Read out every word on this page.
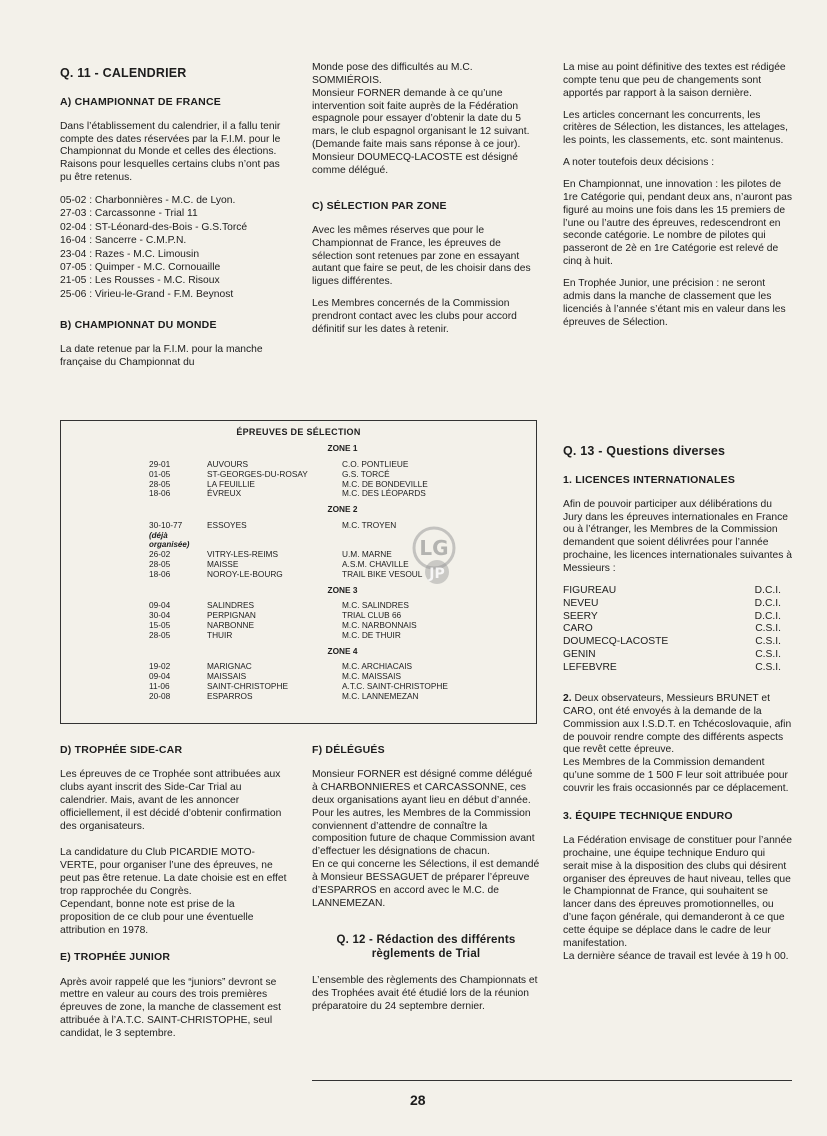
Q. 11 - CALENDRIER
A) CHAMPIONNAT DE FRANCE

Dans l’établissement du calendrier, il a fallu tenir compte des dates réservées par la F.I.M. pour le Championnat du Monde et celles des élections. Raisons pour lesquelles certains clubs n’ont pas pu être retenus.

05-02 : Charbonnières - M.C. de Lyon.
27-03 : Carcassonne - Trial 11
02-04 : ST-Léonard-des-Bois - G.S.Torcé
16-04 : Sancerre - C.M.P.N.
23-04 : Razes - M.C. Limousin
07-05 : Quimper - M.C. Cornouaille
21-05 : Les Rousses - M.C. Risoux
25-06 : Virieu-le-Grand - F.M. Beynost
B) CHAMPIONNAT DU MONDE

La date retenue par la F.I.M. pour la manche française du Championnat du

Monde pose des difficultés au M.C. SOMMIÉROIS.
Monsieur FORNER demande à ce qu’une intervention soit faite auprès de la Fédération espagnole pour essayer d’obtenir la date du 5 mars, le club espagnol organisant le 12 suivant.
(Demande faite mais sans réponse à ce jour).
Monsieur DOUMECQ-LACOSTE est désigné comme délégué.

C) SÉLECTION PAR ZONE

Avec les mêmes réserves que pour le Championnat de France, les épreuves de sélection sont retenues par zone en essayant autant que faire se peut, de les choisir dans des ligues différentes.

Les Membres concernés de la Commission prendront contact avec les clubs pour accord définitif sur les dates à retenir.

La mise au point définitive des textes est rédigée compte tenu que peu de changements sont apportés par rapport à la saison dernière.

Les articles concernant les concurrents, les critères de Sélection, les distances, les attelages, les points, les classements, etc. sont maintenus.

A noter toutefois deux décisions :

En Championnat, une innovation : les pilotes de 1re Catégorie qui, pendant deux ans, n’auront pas figuré au moins une fois dans les 15 premiers de l’une ou l’autre des épreuves, redescendront en seconde catégorie. Le nombre de pilotes qui passeront de 2è en 1re Catégorie est relevé de cinq à huit.

En Trophée Junior, une précision : ne seront admis dans la manche de classement que les licenciés à l’année s’étant mis en valeur dans les épreuves de Sélection.

ÉPREUVES DE SÉLECTION
ZONE 1
29-01	AUVOURS	C.O. PONTLIEUE
01-05	ST-GEORGES-DU-ROSAY	G.S. TORCÉ
28-05	LA FEUILLIE	M.C. DE BONDEVILLE
18-06	ÉVREUX	M.C. DES LÉOPARDS
ZONE 2
30-10-77	ESSOYES	M.C. TROYEN
(déjà organisée)
26-02	VITRY-LES-REIMS	U.M. MARNE
28-05	MAISSE	A.S.M. CHAVILLE
18-06	NOROY-LE-BOURG	TRAIL BIKE VESOUL
ZONE 3
09-04	SALINDRES	M.C. SALINDRES
30-04	PERPIGNAN	TRIAL CLUB 66
15-05	NARBONNE	M.C. NARBONNAIS
28-05	THUIR	M.C. DE THUIR
ZONE 4
19-02	MARIGNAC	M.C. ARCHIACAIS
09-04	MAISSAIS	M.C. MAISSAIS
11-06	SAINT-CHRISTOPHE	A.T.C. SAINT-CHRISTOPHE
20-08	ESPARROS	M.C. LANNEMEZAN
LG
JP
D) TROPHÉE SIDE-CAR

Les épreuves de ce Trophée sont attribuées aux clubs ayant inscrit des Side-Car Trial au calendrier. Mais, avant de les annoncer officiellement, il est décidé d’obtenir confirmation des organisateurs.

La candidature du Club PICARDIE MOTO-VERTE, pour organiser l’une des épreuves, ne peut pas être retenue. La date choisie est en effet trop rapprochée du Congrès.

Cependant, bonne note est prise de la proposition de ce club pour une éventuelle attribution en 1978.

E) TROPHÉE JUNIOR

Après avoir rappelé que les “juniors” devront se mettre en valeur au cours des trois premières épreuves de zone, la manche de classement est attribuée à l’A.T.C. SAINT-CHRISTOPHE, seul candidat, le 3 septembre.

F) DÉLÉGUÉS

Monsieur FORNER est désigné comme délégué à CHARBONNIERES et CARCASSONNE, ces deux organisations ayant lieu en début d’année.

Pour les autres, les Membres de la Commission conviennent d’attendre de connaître la composition future de chaque Commission avant d’effectuer les désignations de chacun.

En ce qui concerne les Sélections, il est demandé à Monsieur BESSAGUET de préparer l’épreuve d’ESPARROS en accord avec le M.C. de LANNEMEZAN.

Q. 12 - Rédaction des différents règlements de Trial

L’ensemble des règlements des Championnats et des Trophées avait été étudié lors de la réunion préparatoire du 24 septembre dernier.

Q. 13 - Questions diverses
1. LICENCES INTERNATIONALES

Afin de pouvoir participer aux délibérations du Jury dans les épreuves internationales en France ou à l’étranger, les Membres de la Commission demandent que soient délivrées pour l’année prochaine, les licences internationales suivantes à Messieurs :

FIGUREAU	D.C.I.
NEVEU	D.C.I.
SEERY	D.C.I.
CARO	C.S.I.
DOUMECQ-LACOSTE	C.S.I.
GENIN	C.S.I.
LEFEBVRE	C.S.I.

2. Deux observateurs, Messieurs BRUNET et CARO, ont été envoyés à la demande de la Commission aux I.S.D.T. en Tchécoslovaquie, afin de pouvoir rendre compte des différents aspects que revêt cette épreuve.

Les Membres de la Commission demandent qu’une somme de 1 500 F leur soit attribuée pour couvrir les frais occasionnés par ce déplacement.

3. ÉQUIPE TECHNIQUE ENDURO

La Fédération envisage de constituer pour l’année prochaine, une équipe technique Enduro qui serait mise à la disposition des clubs qui désirent organiser des épreuves de haut niveau, telles que le Championnat de France, qui souhaitent se lancer dans des épreuves promotionnelles, ou d’une façon générale, qui demanderont à ce que cette équipe se déplace dans le cadre de leur manifestation.

La dernière séance de travail est levée à 19 h 00.

28
